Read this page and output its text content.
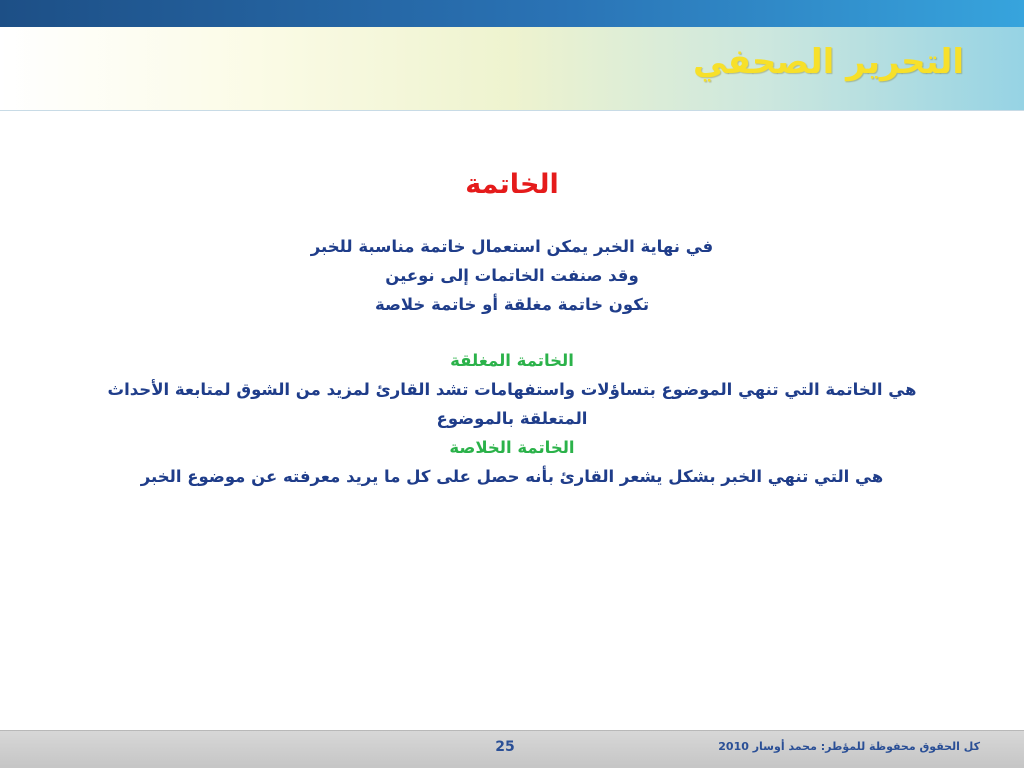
التحرير الصحفي
الخاتمة

في نهاية الخبر يمكن استعمال خاتمة مناسبة للخبر

وقد صنفت الخاتمات إلى نوعين

تكون خاتمة مغلقة أو خاتمة خلاصة

الخاتمة المغلقة

هي الخاتمة التي تنهي الموضوع بتساؤلات واستفهامات تشد القارئ لمزيد من الشوق لمتابعة الأحداث

المتعلقة بالموضوع

الخاتمة الخلاصة

هي التي تنهي الخبر بشكل يشعر القارئ بأنه حصل على كل ما يريد معرفته عن موضوع الخبر

25	كل الحقوق محفوظة للمؤطر: محمد أوسار 2010
